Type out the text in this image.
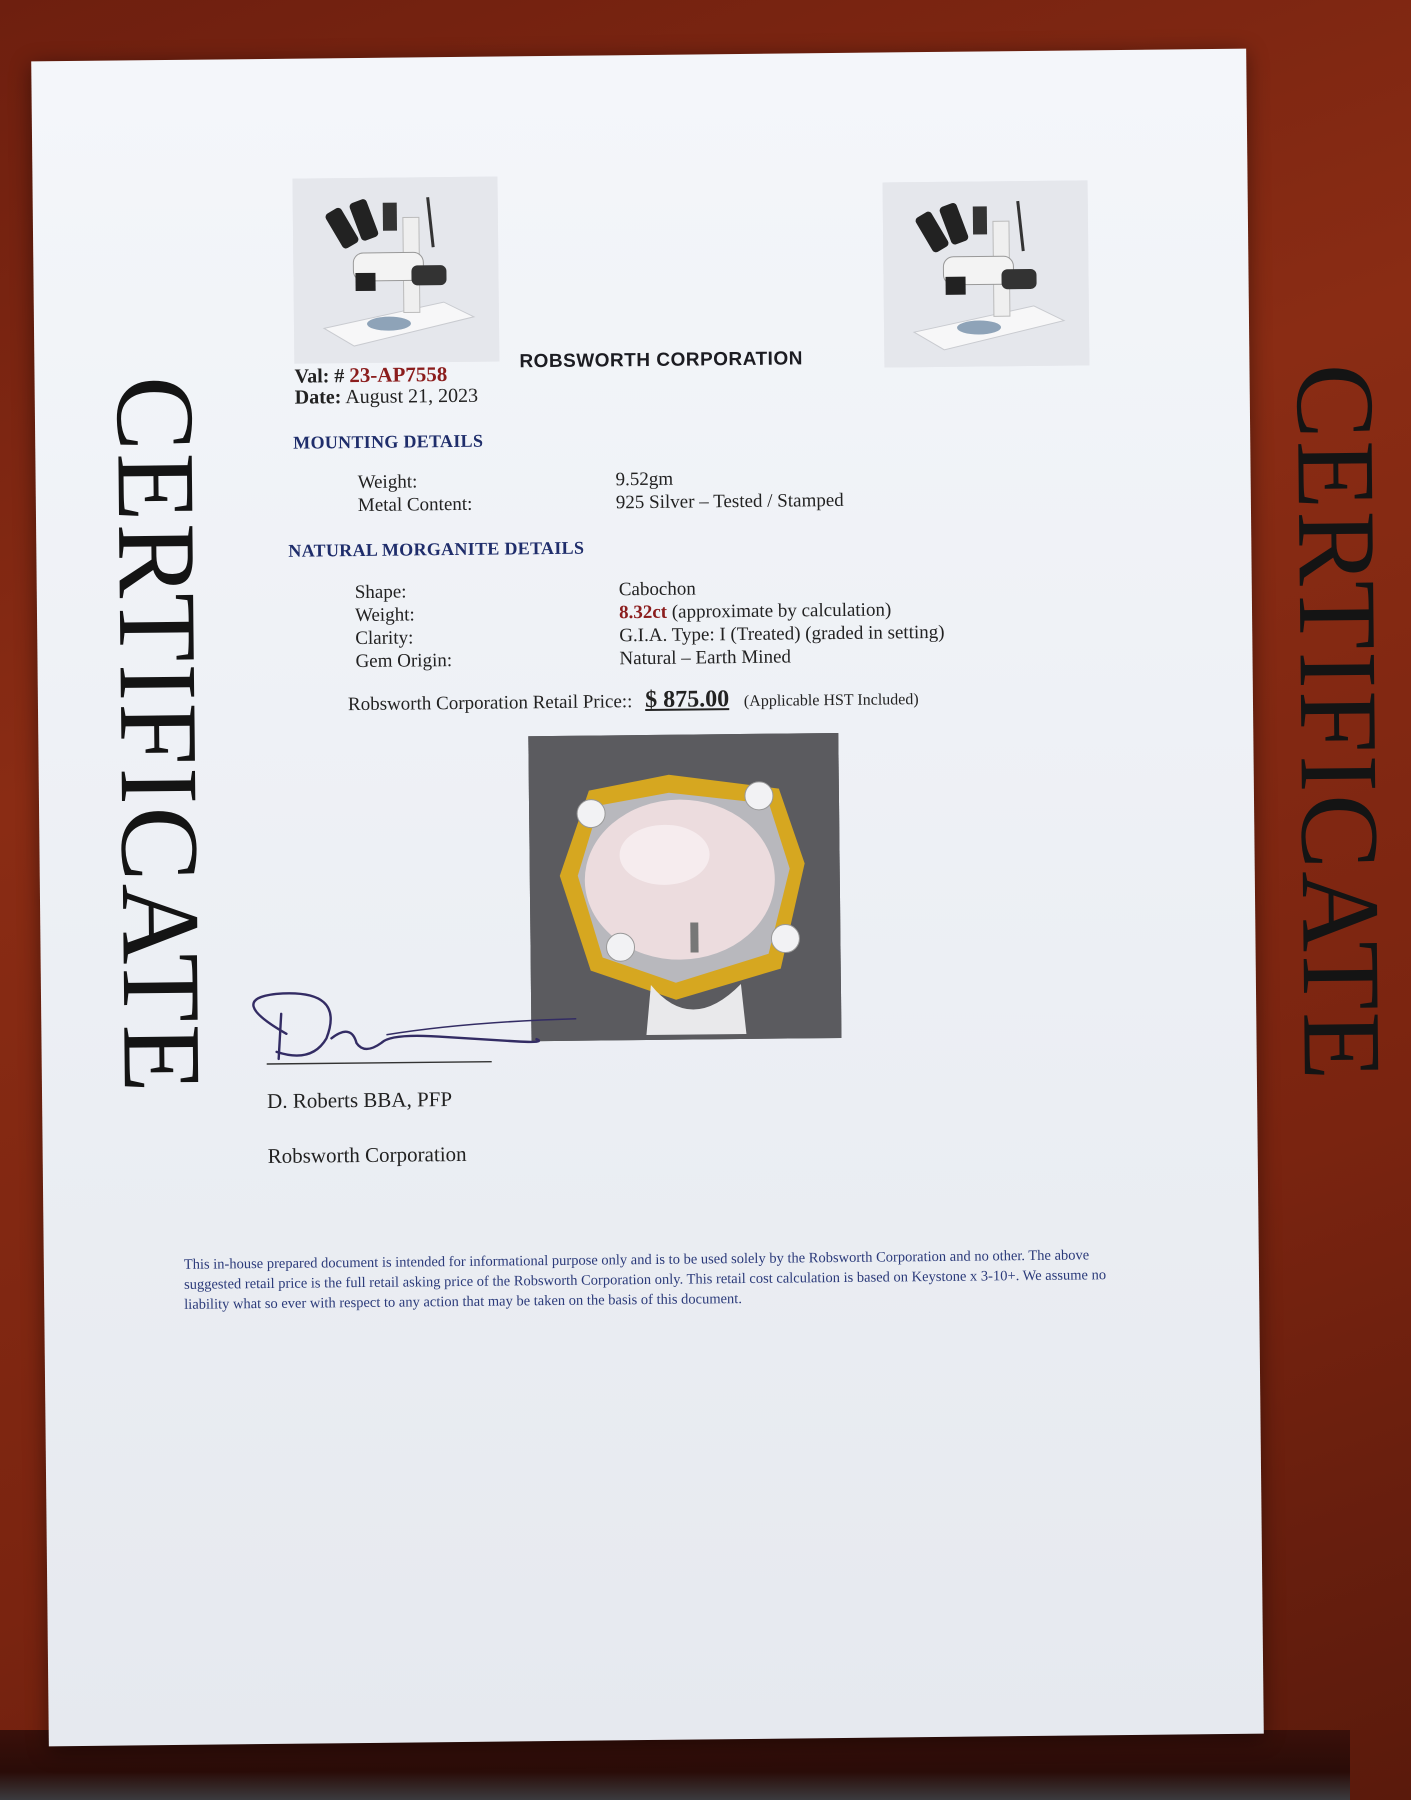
CERTIFICATE	CERTIFICATE
ROBSWORTH CORPORATION
Val: # 23-AP7558
Date: August 21, 2023
MOUNTING DETAILS
Weight:	9.52gm
Metal Content:	925 Silver – Tested / Stamped
NATURAL MORGANITE DETAILS
Shape:	Cabochon
Weight:	8.32ct (approximate by calculation)
Clarity:	G.I.A. Type: I (Treated) (graded in setting)
Gem Origin:	Natural – Earth Mined
Robsworth Corporation Retail Price:: $ 875.00 (Applicable HST Included)
D. Roberts BBA, PFP
Robsworth Corporation
This in-house prepared document is intended for informational purpose only and is to be used solely by the Robsworth Corporation and no other. The above suggested retail price is the full retail asking price of the Robsworth Corporation only. This retail cost calculation is based on Keystone x 3-10+. We assume no liability what so ever with respect to any action that may be taken on the basis of this document.
